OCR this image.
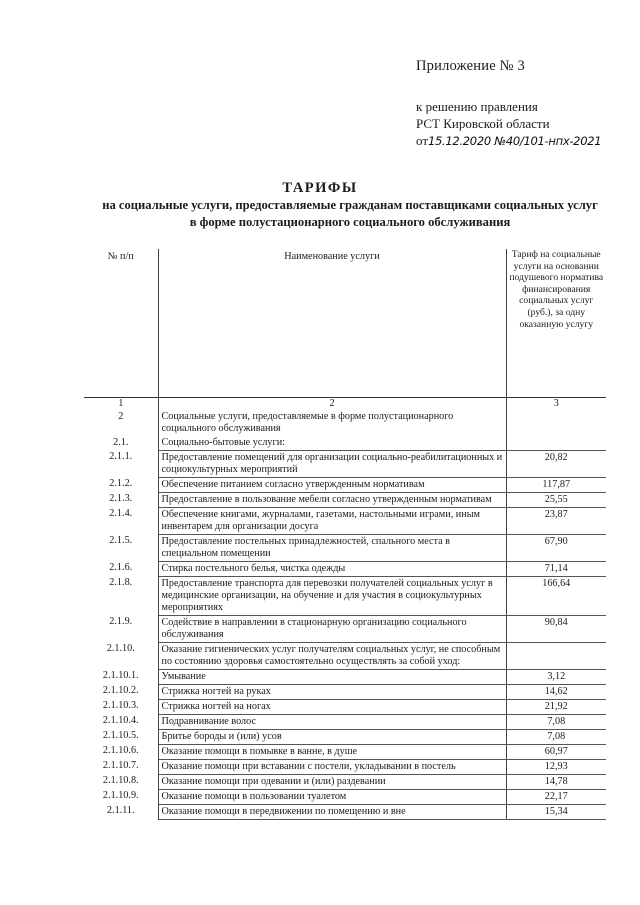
Приложение № 3
к решению правления
РСТ Кировской области
от15.12.2020 №40/101-нпх-2021
ТАРИФЫ
на социальные услуги, предоставляемые гражданам поставщиками социальных услуг в форме полустационарного социального обслуживания
№ п/п	Наименование услуги	Тариф на социальные услуги на основании подушевого норматива финансирования социальных услуг (руб.), за одну оказанную услугу
1	2	3
2	Социальные услуги, предоставляемые в форме полустационарного социального обслуживания	
2.1.	Социально-бытовые услуги:	
2.1.1.	Предоставление помещений для организации социально-реабилитационных и социокультурных мероприятий	20,82
2.1.2.	Обеспечение питанием согласно утвержденным нормативам	117,87
2.1.3.	Предоставление в пользование мебели согласно утвержденным нормативам	25,55
2.1.4.	Обеспечение книгами, журналами, газетами, настольными играми, иным инвентарем для организации досуга	23,87
2.1.5.	Предоставление постельных принадлежностей, спального места в специальном помещении	67,90
2.1.6.	Стирка постельного белья, чистка одежды	71,14
2.1.8.	Предоставление транспорта для перевозки получателей социальных услуг в медицинские организации, на обучение и для участия в социокультурных мероприятиях	166,64
2.1.9.	Содействие в направлении в стационарную организацию социального обслуживания	90,84
2.1.10.	Оказание гигиенических услуг получателям социальных услуг, не способным по состоянию здоровья самостоятельно осуществлять за собой уход:	
2.1.10.1.	Умывание	3,12
2.1.10.2.	Стрижка ногтей на руках	14,62
2.1.10.3.	Стрижка ногтей на ногах	21,92
2.1.10.4.	Подравнивание волос	7,08
2.1.10.5.	Бритье бороды и (или) усов	7,08
2.1.10.6.	Оказание помощи в помывке в ванне, в душе	60,97
2.1.10.7.	Оказание помощи при вставании с постели, укладывании в постель	12,93
2.1.10.8.	Оказание помощи при одевании и (или) раздевании	14,78
2.1.10.9.	Оказание помощи в пользовании туалетом	22,17
2.1.11.	Оказание помощи в передвижении по помещению и вне	15,34
